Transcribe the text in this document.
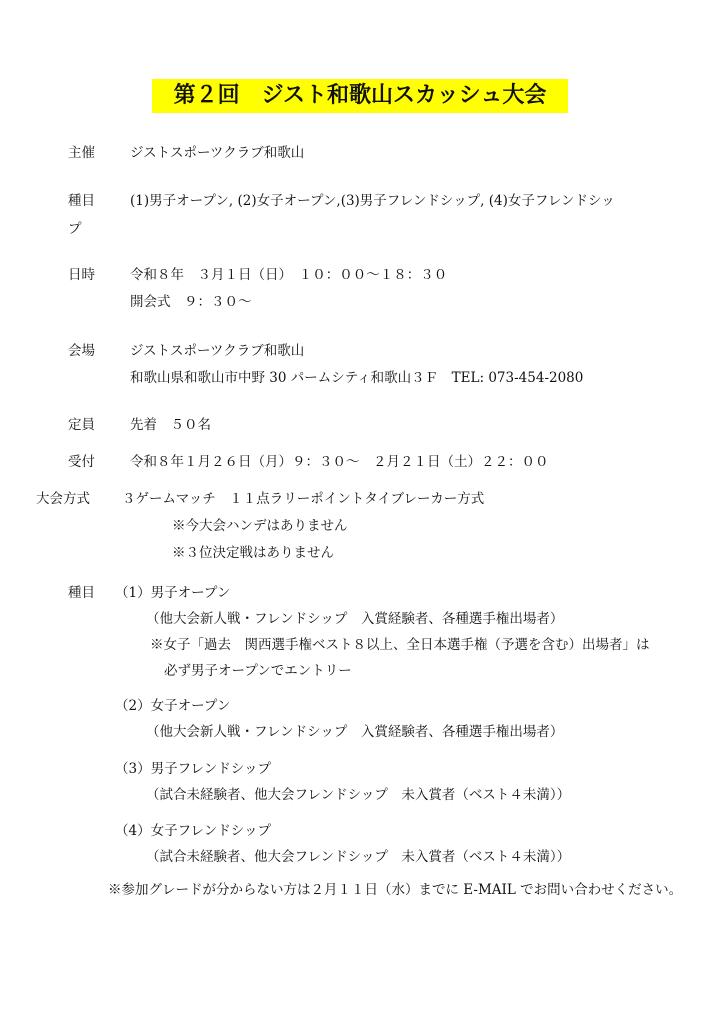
第２回　ジスト和歌山スカッシュ大会
主催	ジストスポーツクラブ和歌山
種目	(1)男子オープン, (2)女子オープン,(3)男子フレンドシップ, (4)女子フレンドシッ
プ
日時	令和８年　３月１日（日）　１０：００～１８：３０
開会式　９：３０～
会場	ジストスポーツクラブ和歌山
和歌山県和歌山市中野 30 パームシティ和歌山３Ｆ　TEL: 073-454-2080
定員	先着　５０名
受付	令和８年１月２６日（月）９：３０～　２月２１日（土）２２：００
大会方式 ３ゲームマッチ　１１点ラリーポイントタイブレーカー方式
※今大会ハンデはありません
※３位決定戦はありません
種目 （1）男子オープン
（他大会新人戦・フレンドシップ　入賞経験者、各種選手権出場者）
※女子「過去　関西選手権ベスト８以上、全日本選手権（予選を含む）出場者」は
必ず男子オープンでエントリー
（2）女子オープン
（他大会新人戦・フレンドシップ　入賞経験者、各種選手権出場者）
（3）男子フレンドシップ
（試合未経験者、他大会フレンドシップ　未入賞者（ベスト４未満））
（4）女子フレンドシップ
（試合未経験者、他大会フレンドシップ　未入賞者（ベスト４未満））
※参加グレードが分からない方は２月１１日（水）までに E-MAIL でお問い合わせください。
